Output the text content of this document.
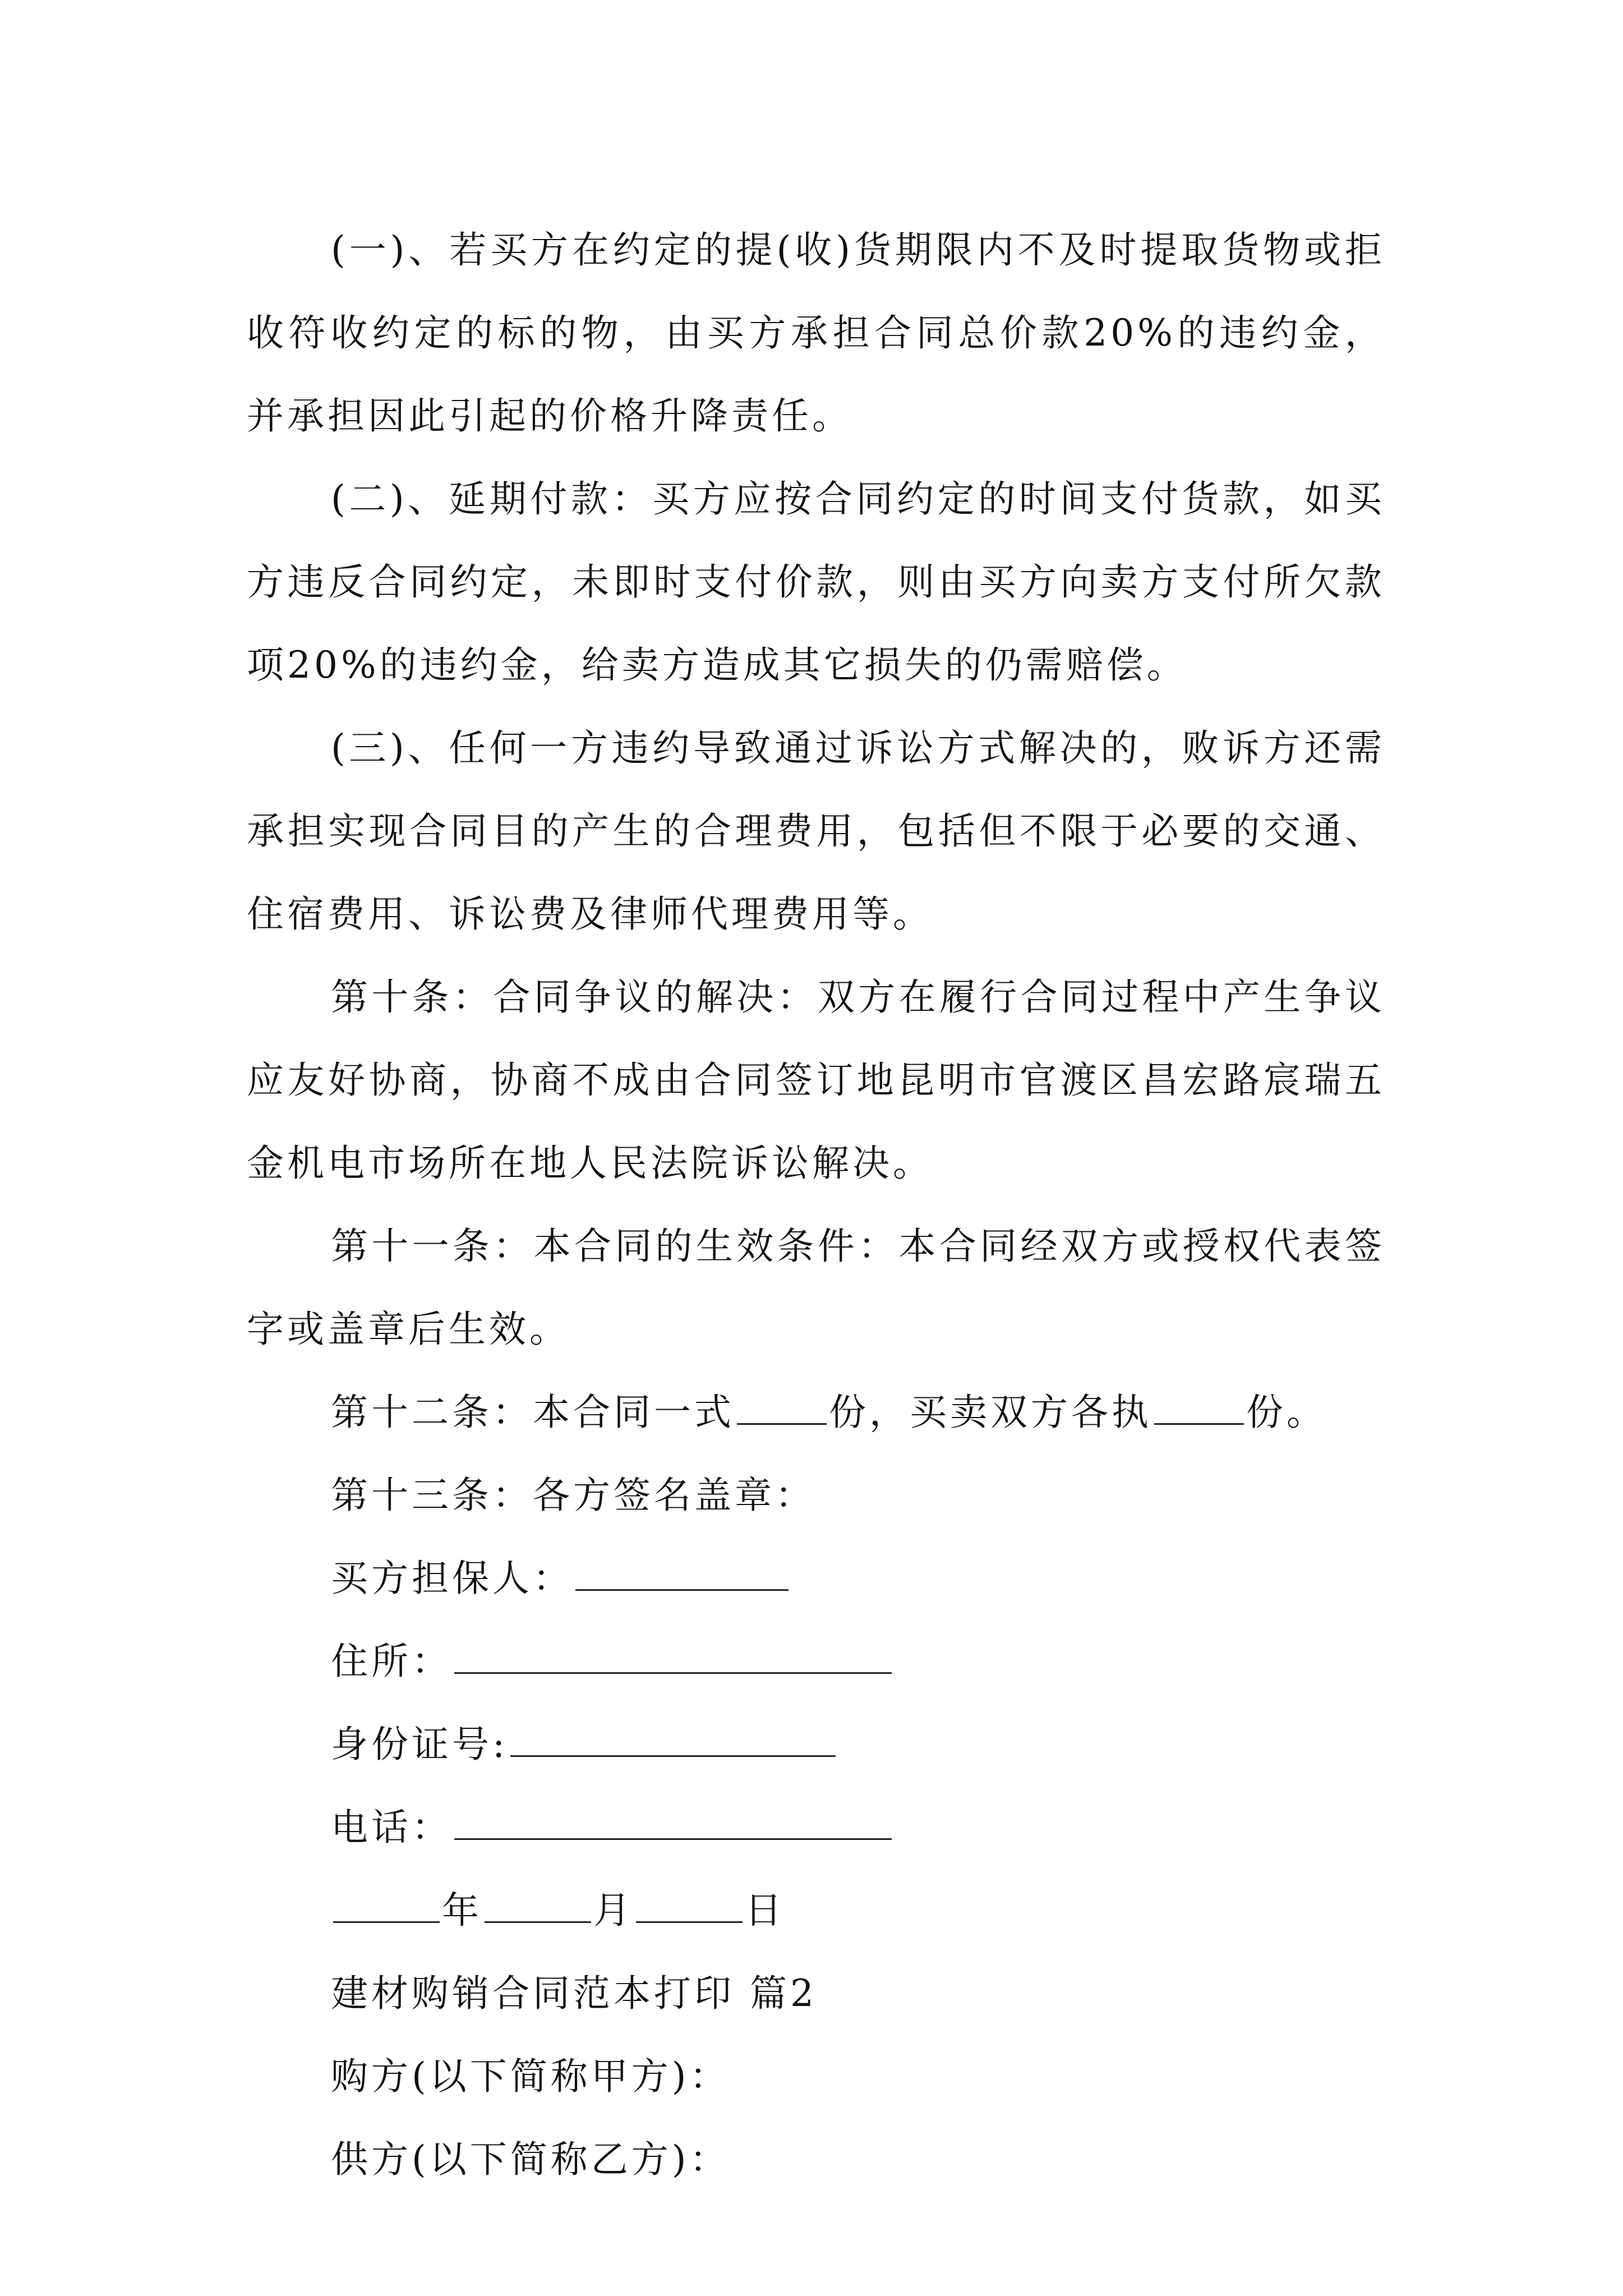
(一)、若买方在约定的提(收)货期限内不及时提取货物或拒收符收约定的标的物，由买方承担合同总价款20%的违约金，并承担因此引起的价格升降责任。

(二)、延期付款：买方应按合同约定的时间支付货款，如买方违反合同约定，未即时支付价款，则由买方向卖方支付所欠款项20%的违约金，给卖方造成其它损失的仍需赔偿。

(三)、任何一方违约导致通过诉讼方式解决的，败诉方还需承担实现合同目的产生的合理费用，包括但不限于必要的交通、住宿费用、诉讼费及律师代理费用等。

第十条：合同争议的解决：双方在履行合同过程中产生争议应友好协商，协商不成由合同签订地昆明市官渡区昌宏路宸瑞五金机电市场所在地人民法院诉讼解决。

第十一条：本合同的生效条件：本合同经双方或授权代表签字或盖章后生效。

第十二条：本合同一式	份，买卖双方各执	份。

第十三条：各方签名盖章：

买方担保人：

住所：

身份证号:

电话：

年	月	日

建材购销合同范本打印 篇2

购方(以下简称甲方)：

供方(以下简称乙方)：
